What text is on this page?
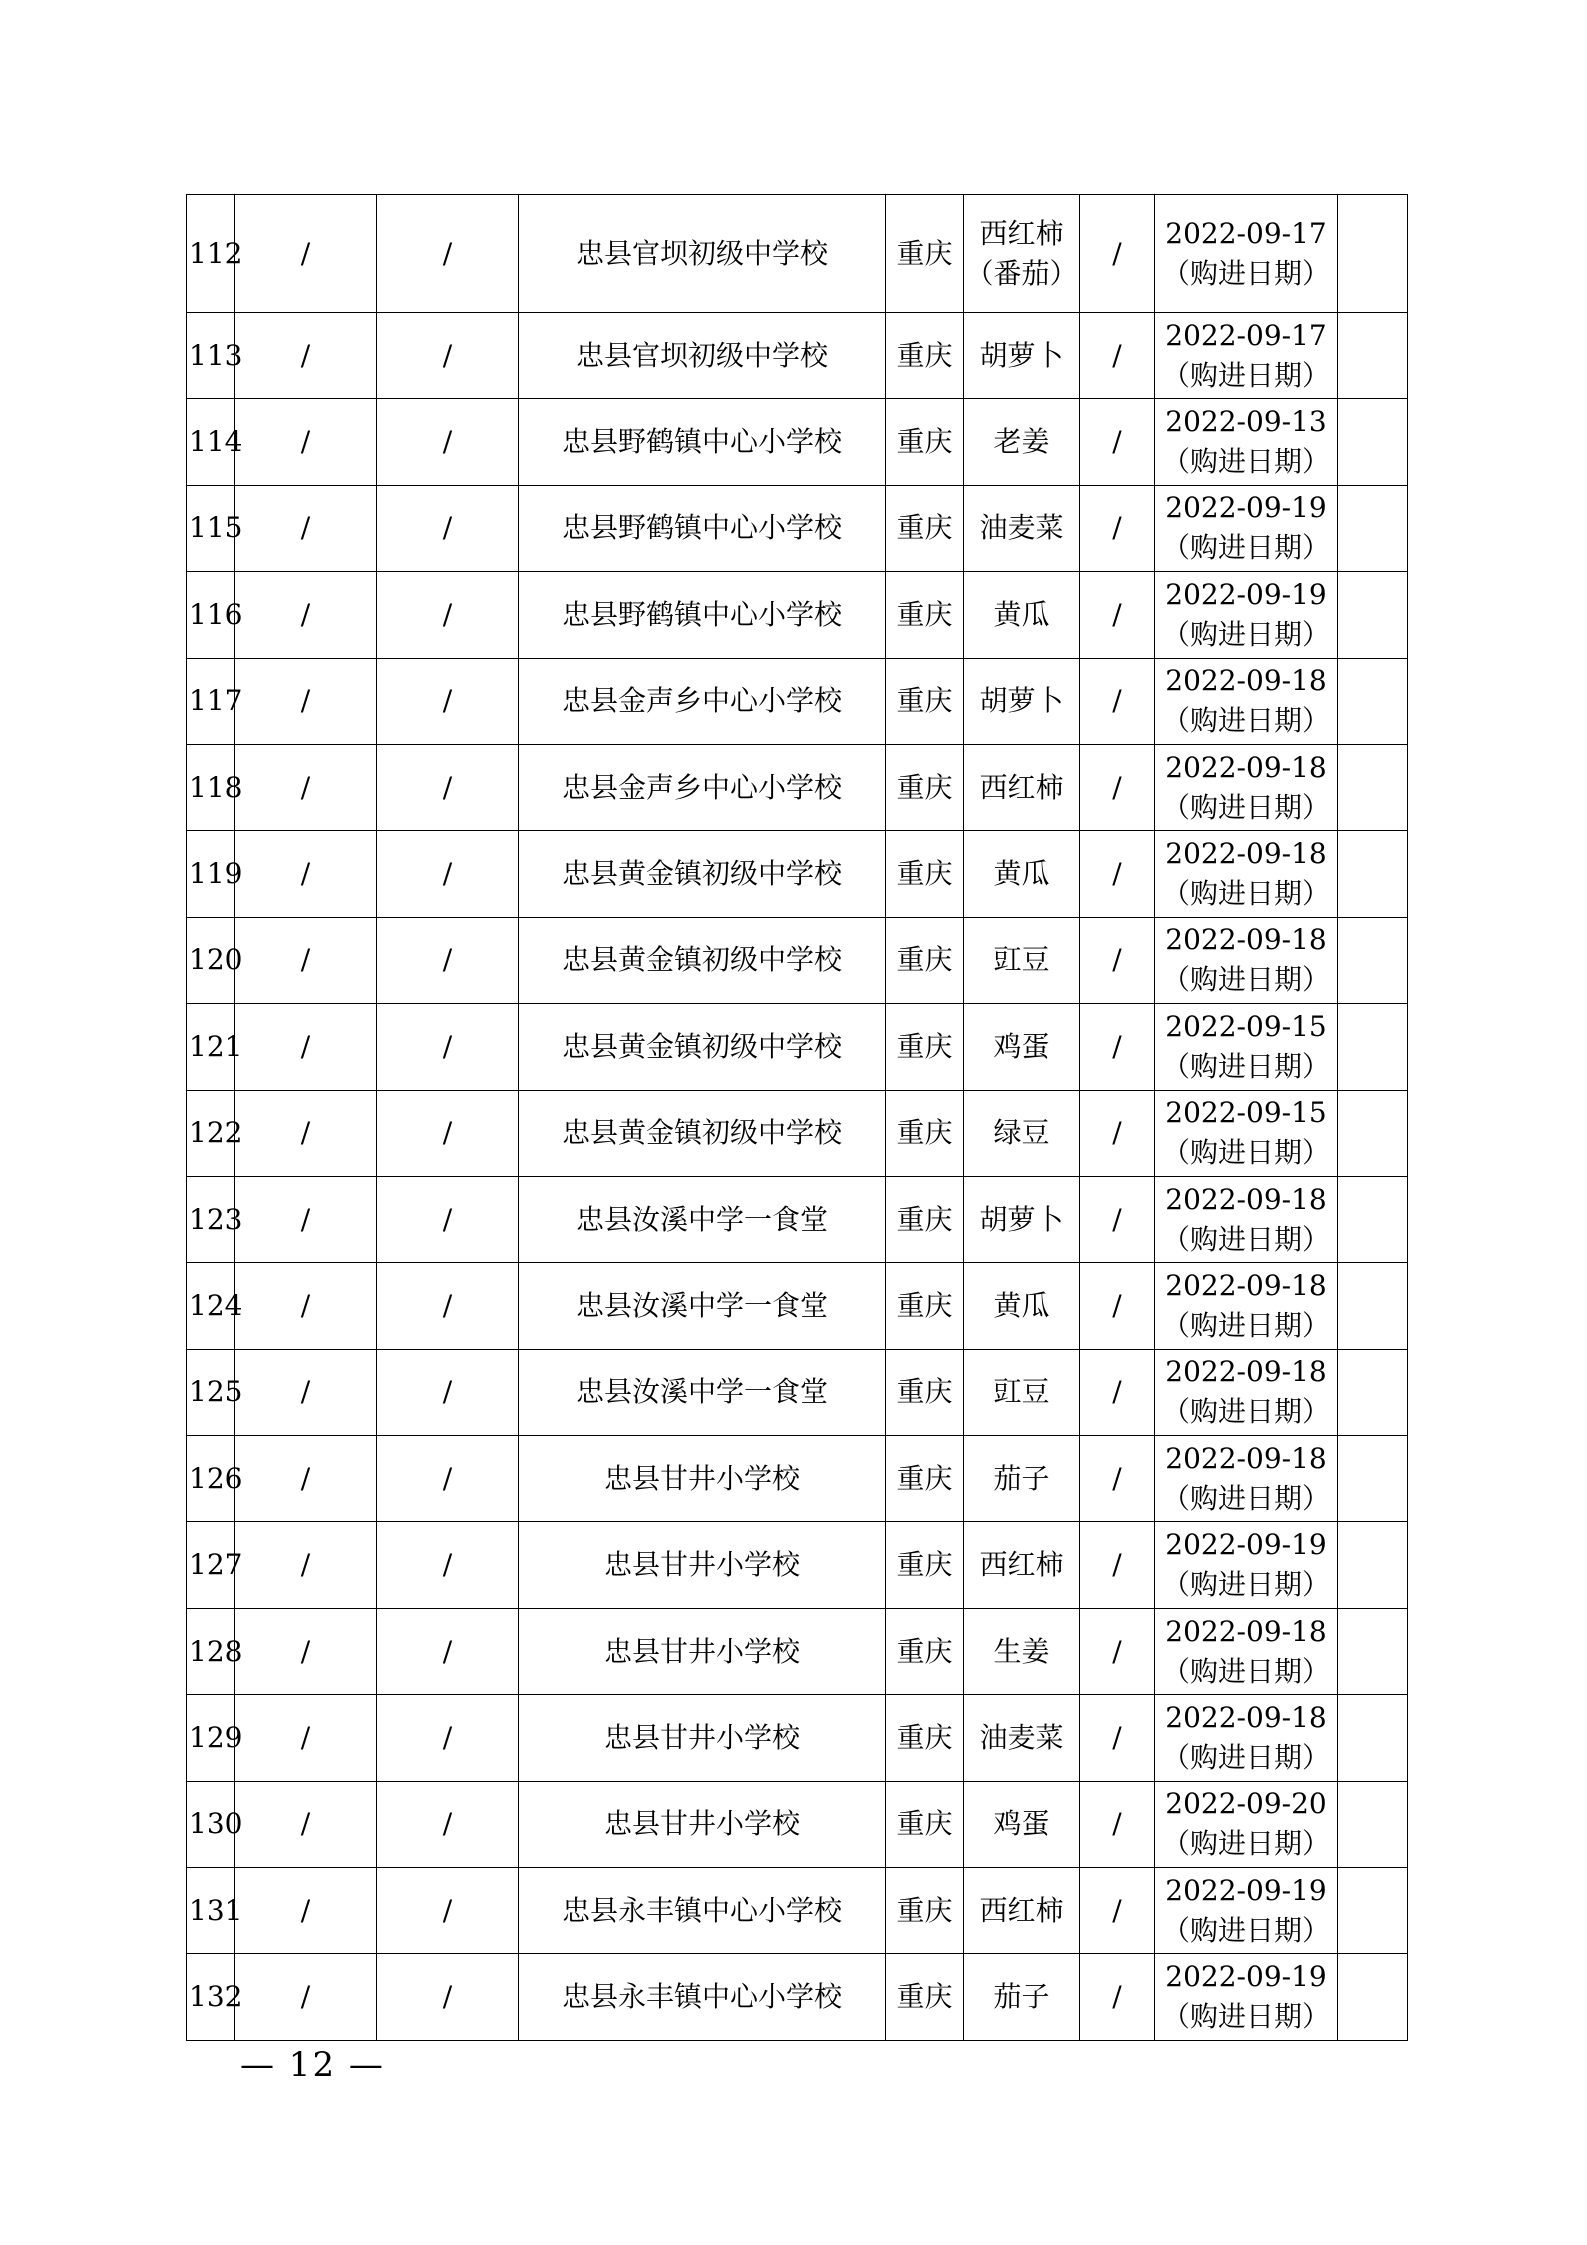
112	/	/	忠县官坝初级中学校	重庆	西红柿
（番茄）	/	2022-09-17
（购进日期）	

113	/	/	忠县官坝初级中学校	重庆	胡萝卜	/	2022-09-17
（购进日期）	

114	/	/	忠县野鹤镇中心小学校	重庆	老姜	/	2022-09-13
（购进日期）	

115	/	/	忠县野鹤镇中心小学校	重庆	油麦菜	/	2022-09-19
（购进日期）	

116	/	/	忠县野鹤镇中心小学校	重庆	黄瓜	/	2022-09-19
（购进日期）	

117	/	/	忠县金声乡中心小学校	重庆	胡萝卜	/	2022-09-18
（购进日期）	

118	/	/	忠县金声乡中心小学校	重庆	西红柿	/	2022-09-18
（购进日期）	

119	/	/	忠县黄金镇初级中学校	重庆	黄瓜	/	2022-09-18
（购进日期）	

120	/	/	忠县黄金镇初级中学校	重庆	豇豆	/	2022-09-18
（购进日期）	

121	/	/	忠县黄金镇初级中学校	重庆	鸡蛋	/	2022-09-15
（购进日期）	

122	/	/	忠县黄金镇初级中学校	重庆	绿豆	/	2022-09-15
（购进日期）	

123	/	/	忠县汝溪中学一食堂	重庆	胡萝卜	/	2022-09-18
（购进日期）	

124	/	/	忠县汝溪中学一食堂	重庆	黄瓜	/	2022-09-18
（购进日期）	

125	/	/	忠县汝溪中学一食堂	重庆	豇豆	/	2022-09-18
（购进日期）	

126	/	/	忠县甘井小学校	重庆	茄子	/	2022-09-18
（购进日期）	

127	/	/	忠县甘井小学校	重庆	西红柿	/	2022-09-19
（购进日期）	

128	/	/	忠县甘井小学校	重庆	生姜	/	2022-09-18
（购进日期）	

129	/	/	忠县甘井小学校	重庆	油麦菜	/	2022-09-18
（购进日期）	

130	/	/	忠县甘井小学校	重庆	鸡蛋	/	2022-09-20
（购进日期）	

131	/	/	忠县永丰镇中心小学校	重庆	西红柿	/	2022-09-19
（购进日期）	

132	/	/	忠县永丰镇中心小学校	重庆	茄子	/	2022-09-19
（购进日期）	

— 12 —
